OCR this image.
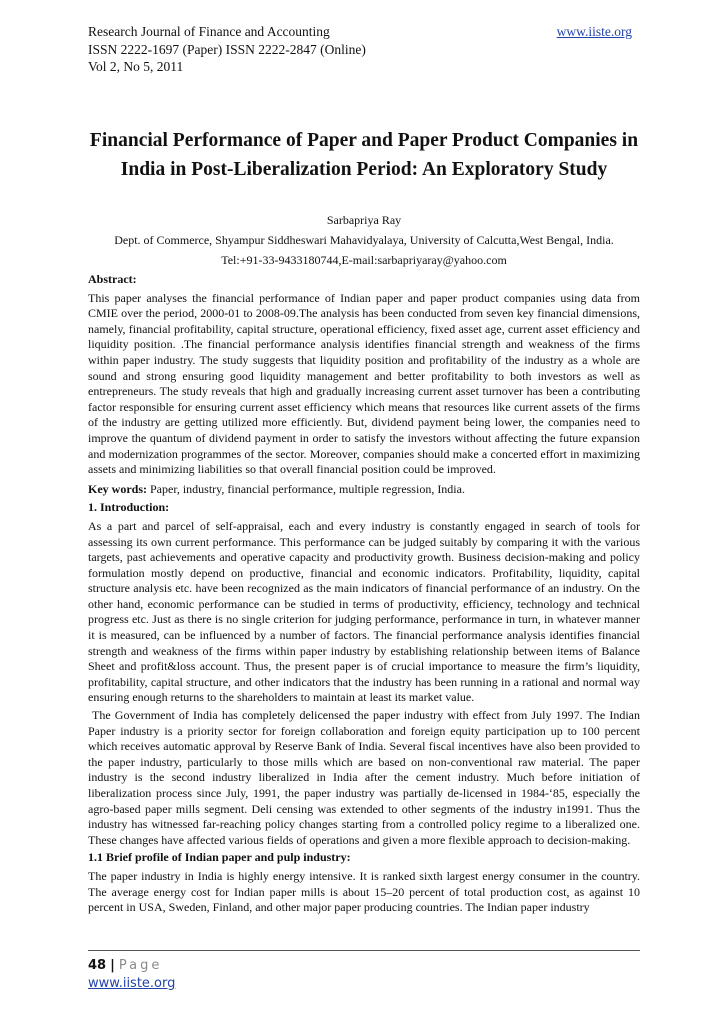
Research Journal of Finance and Accounting	www.iiste.org
ISSN 2222-1697 (Paper) ISSN 2222-2847 (Online)
Vol 2, No 5, 2011
Financial Performance of Paper and Paper Product Companies in
India in Post-Liberalization Period: An Exploratory Study
Sarbapriya Ray
Dept. of Commerce, Shyampur Siddheswari Mahavidyalaya, University of Calcutta,West Bengal, India.
Tel:+91-33-9433180744,E-mail:sarbapriyaray@yahoo.com

Abstract:

This paper analyses the financial performance of Indian paper and paper product companies using data from CMIE over the period, 2000-01 to 2008-09.The analysis has been conducted from seven key financial dimensions, namely, financial profitability, capital structure, operational efficiency, fixed asset age, current asset efficiency and liquidity position. .The financial performance analysis identifies financial strength and weakness of the firms within paper industry. The study suggests that liquidity position and profitability of the industry as a whole are sound and strong ensuring good liquidity management and better profitability to both investors as well as entrepreneurs. The study reveals that high and gradually increasing current asset turnover has been a contributing factor responsible for ensuring current asset efficiency which means that resources like current assets of the firms of the industry are getting utilized more efficiently. But, dividend payment being lower, the companies need to improve the quantum of dividend payment in order to satisfy the investors without affecting the future expansion and modernization programmes of the sector. Moreover, companies should make a concerted effort in maximizing assets and minimizing liabilities so that overall financial position could be improved.

Key words: Paper, industry, financial performance, multiple regression, India.

1. Introduction:

As a part and parcel of self-appraisal, each and every industry is constantly engaged in search of tools for assessing its own current performance. This performance can be judged suitably by comparing it with the various targets, past achievements and operative capacity and productivity growth. Business decision-making and policy formulation mostly depend on productive, financial and economic indicators. Profitability, liquidity, capital structure analysis etc. have been recognized as the main indicators of financial performance of an industry. On the other hand, economic performance can be studied in terms of productivity, efficiency, technology and technical progress etc. Just as there is no single criterion for judging performance, performance in turn, in whatever manner it is measured, can be influenced by a number of factors. The financial performance analysis identifies financial strength and weakness of the firms within paper industry by establishing relationship between items of Balance Sheet and profit&loss account. Thus, the present paper is of crucial importance to measure the firm’s liquidity, profitability, capital structure, and other indicators that the industry has been running in a rational and normal way ensuring enough returns to the shareholders to maintain at least its market value.

The Government of India has completely delicensed the paper industry with effect from July 1997. The Indian Paper industry is a priority sector for foreign collaboration and foreign equity participation up to 100 percent which receives automatic approval by Reserve Bank of India. Several fiscal incentives have also been provided to the paper industry, particularly to those mills which are based on non-conventional raw material. The paper industry is the second industry liberalized in India after the cement industry. Much before initiation of liberalization process since July, 1991, the paper industry was partially de-licensed in 1984-‘85, especially the agro-based paper mills segment. Deli censing was extended to other segments of the industry in1991. Thus the industry has witnessed far-reaching policy changes starting from a controlled policy regime to a liberalized one. These changes have affected various fields of operations and given a more flexible approach to decision-making.

1.1 Brief profile of Indian paper and pulp industry:

The paper industry in India is highly energy intensive. It is ranked sixth largest energy consumer in the country. The average energy cost for Indian paper mills is about 15–20 percent of total production cost, as against 10 percent in USA, Sweden, Finland, and other major paper producing countries. The Indian paper industry

48 | Page
www.iiste.org
